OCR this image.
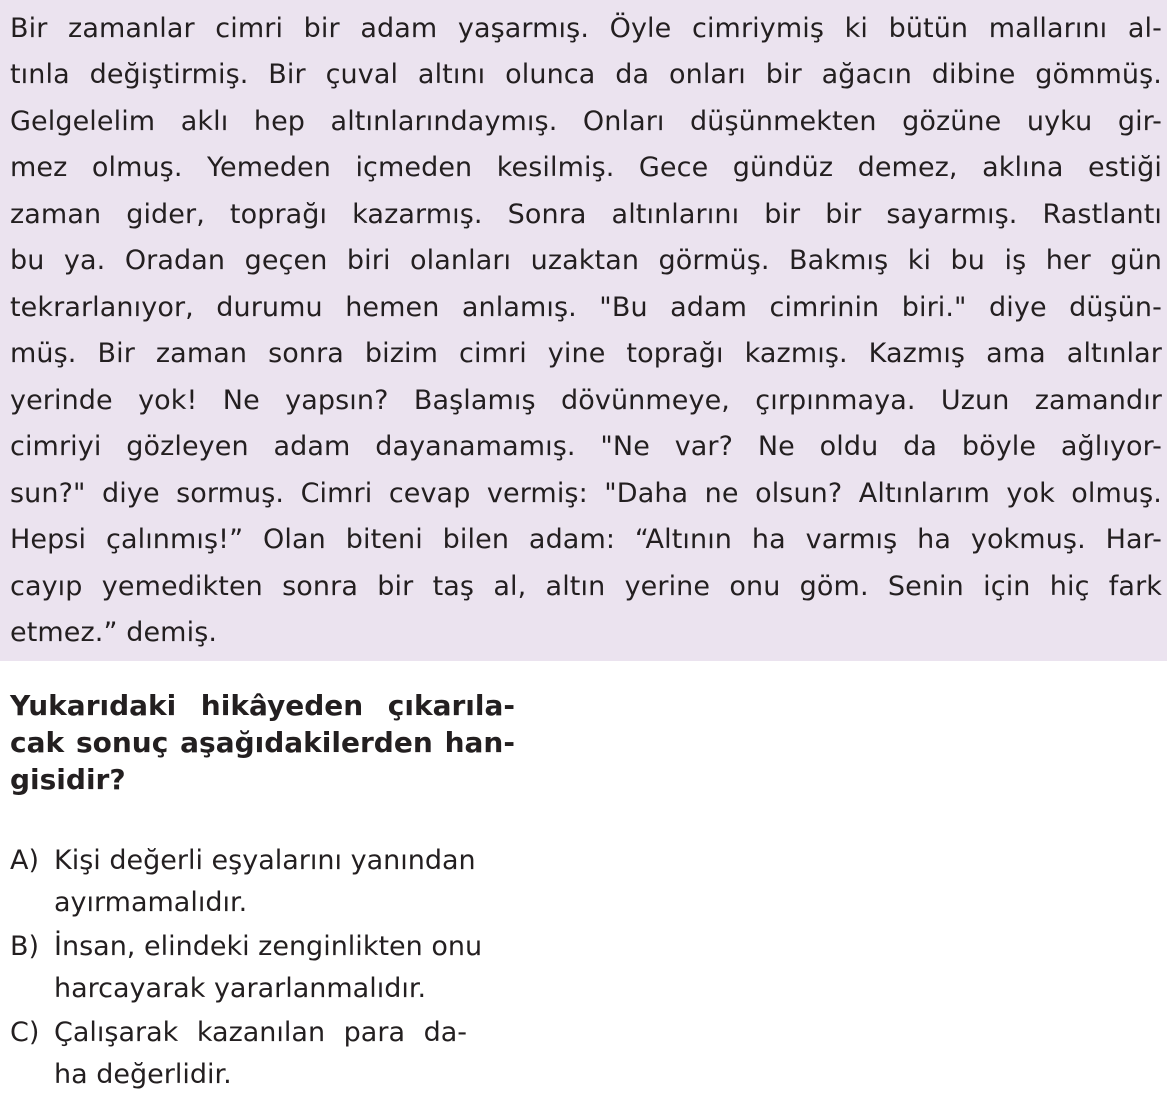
Bir zamanlar cimri bir adam yaşarmış. Öyle cimriymiş ki bütün mallarını al-
tınla değiştirmiş. Bir çuval altını olunca da onları bir ağacın dibine gömmüş.
Gelgelelim aklı hep altınlarındaymış. Onları düşünmekten gözüne uyku gir-
mez olmuş. Yemeden içmeden kesilmiş. Gece gündüz demez, aklına estiği
zaman gider, toprağı kazarmış. Sonra altınlarını bir bir sayarmış. Rastlantı
bu ya. Oradan geçen biri olanları uzaktan görmüş. Bakmış ki bu iş her gün
tekrarlanıyor, durumu hemen anlamış. "Bu adam cimrinin biri." diye düşün-
müş. Bir zaman sonra bizim cimri yine toprağı kazmış. Kazmış ama altınlar
yerinde yok! Ne yapsın? Başlamış dövünmeye, çırpınmaya. Uzun zamandır
cimriyi gözleyen adam dayanamamış. "Ne var? Ne oldu da böyle ağlıyor-
sun?" diye sormuş. Cimri cevap vermiş: "Daha ne olsun? Altınlarım yok olmuş.
Hepsi çalınmış!” Olan biteni bilen adam: “Altının ha varmış ha yokmuş. Har-
cayıp yemedikten sonra bir taş al, altın yerine onu göm. Senin için hiç fark
etmez.” demiş.
Yukarıdaki hikâyeden çıkarıla-
cak sonuç aşağıdakilerden han-
gisidir?
A) Kişi değerli eşyalarını yanından
ayırmamalıdır.
B) İnsan, elindeki zenginlikten onu
harcayarak yararlanmalıdır.
C) Çalışarak kazanılan para da-
ha değerlidir.
